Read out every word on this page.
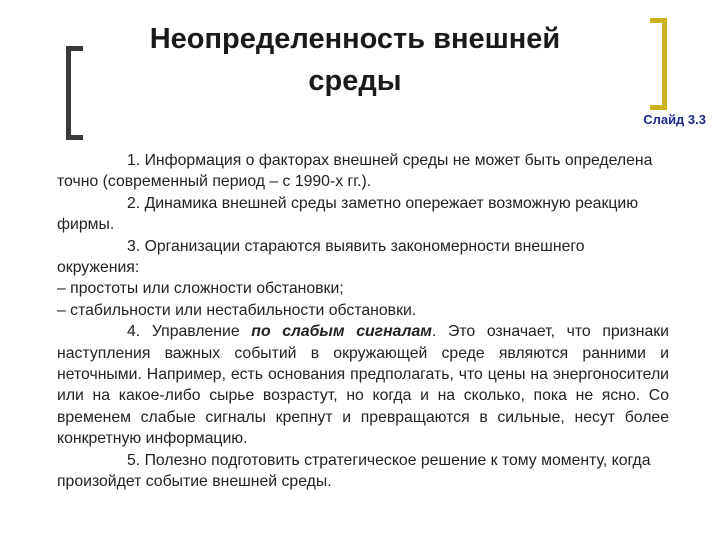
Неопределенность внешней
среды
Слайд 3.3

1. Информация о факторах внешней среды не может быть определена точно (современный период – с 1990-х гг.).

2. Динамика внешней среды заметно опережает возможную реакцию фирмы.

3. Организации стараются выявить закономерности внешнего окружения:

– простоты или сложности обстановки;

– стабильности или нестабильности обстановки.

4. Управление по слабым сигналам. Это означает, что признаки наступления важных событий в окружающей среде являются ранними и неточными. Например, есть основания предполагать, что цены на энергоносители или на какое-либо сырье возрастут, но когда и на сколько, пока не ясно. Со временем слабые сигналы крепнут и превращаются в сильные, несут более конкретную информацию.

5. Полезно подготовить стратегическое решение к тому моменту, когда произойдет событие внешней среды.
